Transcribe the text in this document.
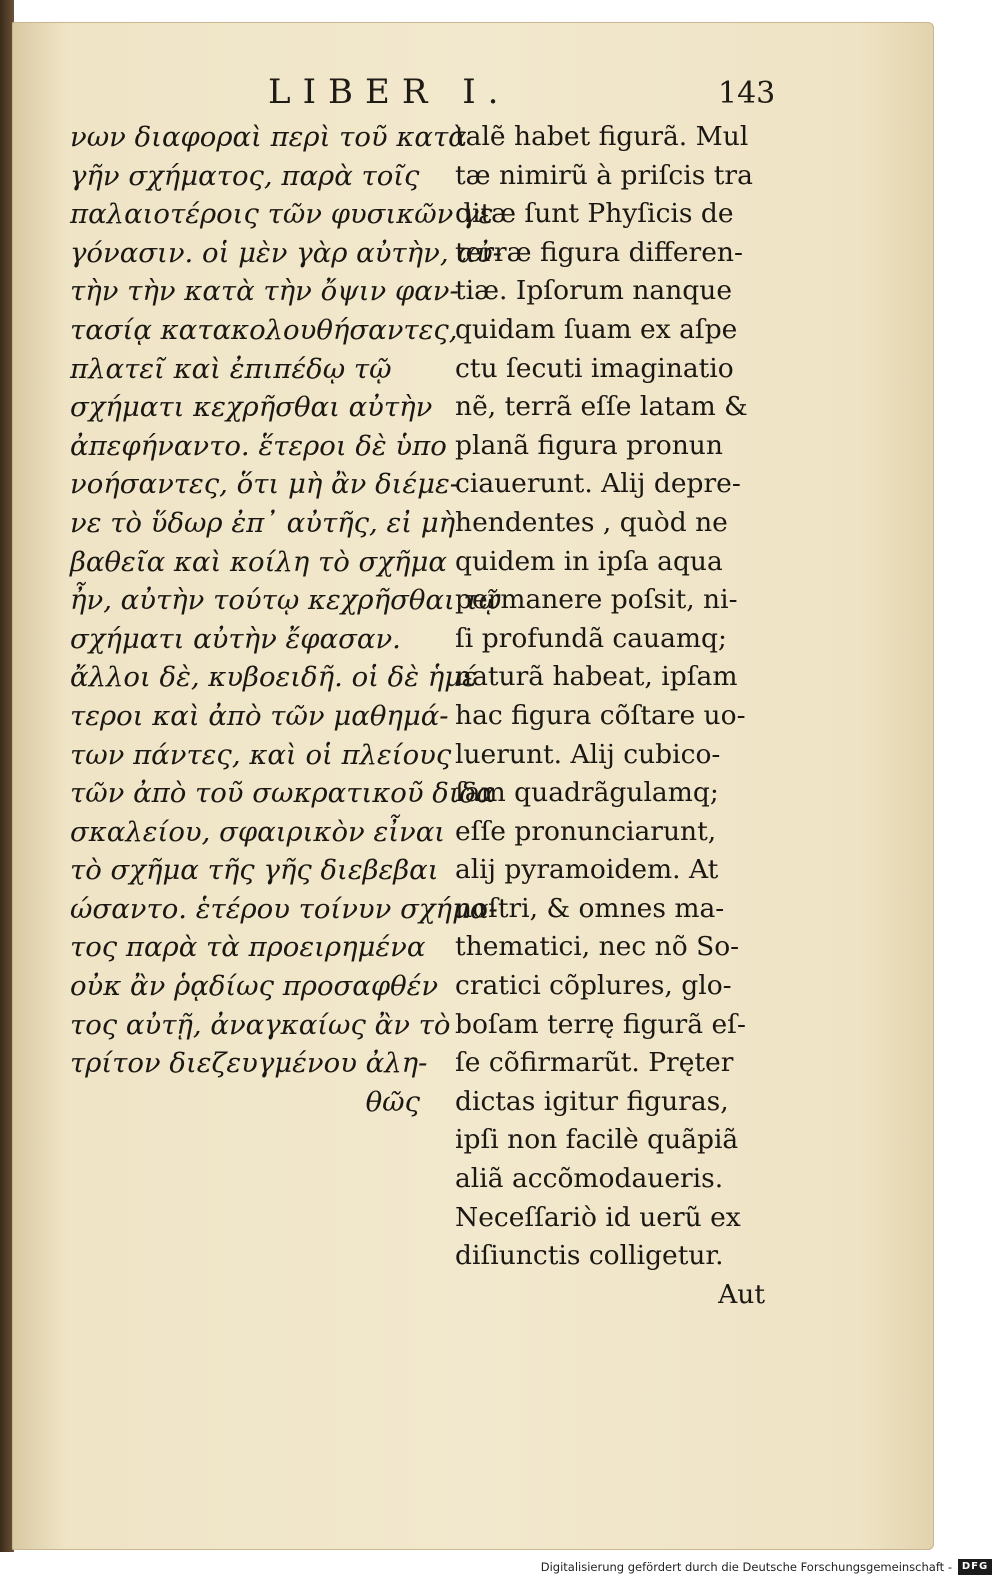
LIBER I.	143
νων διαφοραὶ περὶ τοῦ κατὰ
γῆν σχήματος, παρὰ τοῖς
παλαιοτέροις τῶν φυσικῶν γε
γόνασιν. οἱ μὲν γὰρ αὐτὴν, αὐ-
τὴν τὴν κατὰ τὴν ὄψιν φαν-
τασίᾳ κατακολουθήσαντες,
πλατεῖ καὶ ἐπιπέδῳ τῷ
σχήματι κεχρῆσθαι αὐτὴν
ἀπεφήναντο. ἕτεροι δὲ ὑπο
νοήσαντες, ὅτι μὴ ἂν διέμε-
νε τὸ ὕδωρ ἐπ᾽ αὐτῆς, εἰ μὴ
βαθεῖα καὶ κοίλη τὸ σχῆμα
ἦν, αὐτὴν τούτῳ κεχρῆσθαι τῷ
σχήματι αὐτὴν ἔφασαν.
ἄλλοι δὲ, κυβοειδῆ. οἱ δὲ ἡμέ
τεροι καὶ ἀπὸ τῶν μαθημά-
των πάντες, καὶ οἱ πλείους
τῶν ἀπὸ τοῦ σωκρατικοῦ διδα
σκαλείου, σφαιρικὸν εἶναι
τὸ σχῆμα τῆς γῆς διεβεβαι
ώσαντο. ἑτέρου τοίνυν σχήμα-
τος παρὰ τὰ προειρημένα
οὐκ ἂν ῥᾳδίως προσαφθέν
τος αὐτῇ, ἀναγκαίως ἂν τὸ
τρίτον διεζευγμένου ἀλη-
θῶς
talẽ habet figurã. Mul
tæ nimirũ à priſcis tra
ditæ ſunt Phyſicis de
terræ figura differen-
tiæ. Ipſorum nanque
quidam ſuam ex aſpe
ctu ſecuti imaginatio
nẽ, terrã eſſe latam &
planã figura pronun
ciauerunt. Alij depre-
hendentes , quòd ne
quidem in ipſa aqua
permanere poſsit, ni-
ſi profundã cauamq;
naturã habeat, ipſam
hac figura cõſtare uo-
luerunt. Alij cubico-
ſam quadrãgulamq;
eſſe pronunciarunt,
alij pyramoidem. At
noſtri, & omnes ma-
thematici, nec nõ So-
cratici cõplures, glo-
boſam terrę figurã eſ-
ſe cõfirmarũt. Pręter
dictas igitur figuras,
ipſi non facilè quãpiã
aliã accõmodaueris.
Neceſſariò id uerũ ex
diſiunctis colligetur.
Aut
Digitalisierung gefördert durch die Deutsche Forschungsgemeinschaft - DFG
